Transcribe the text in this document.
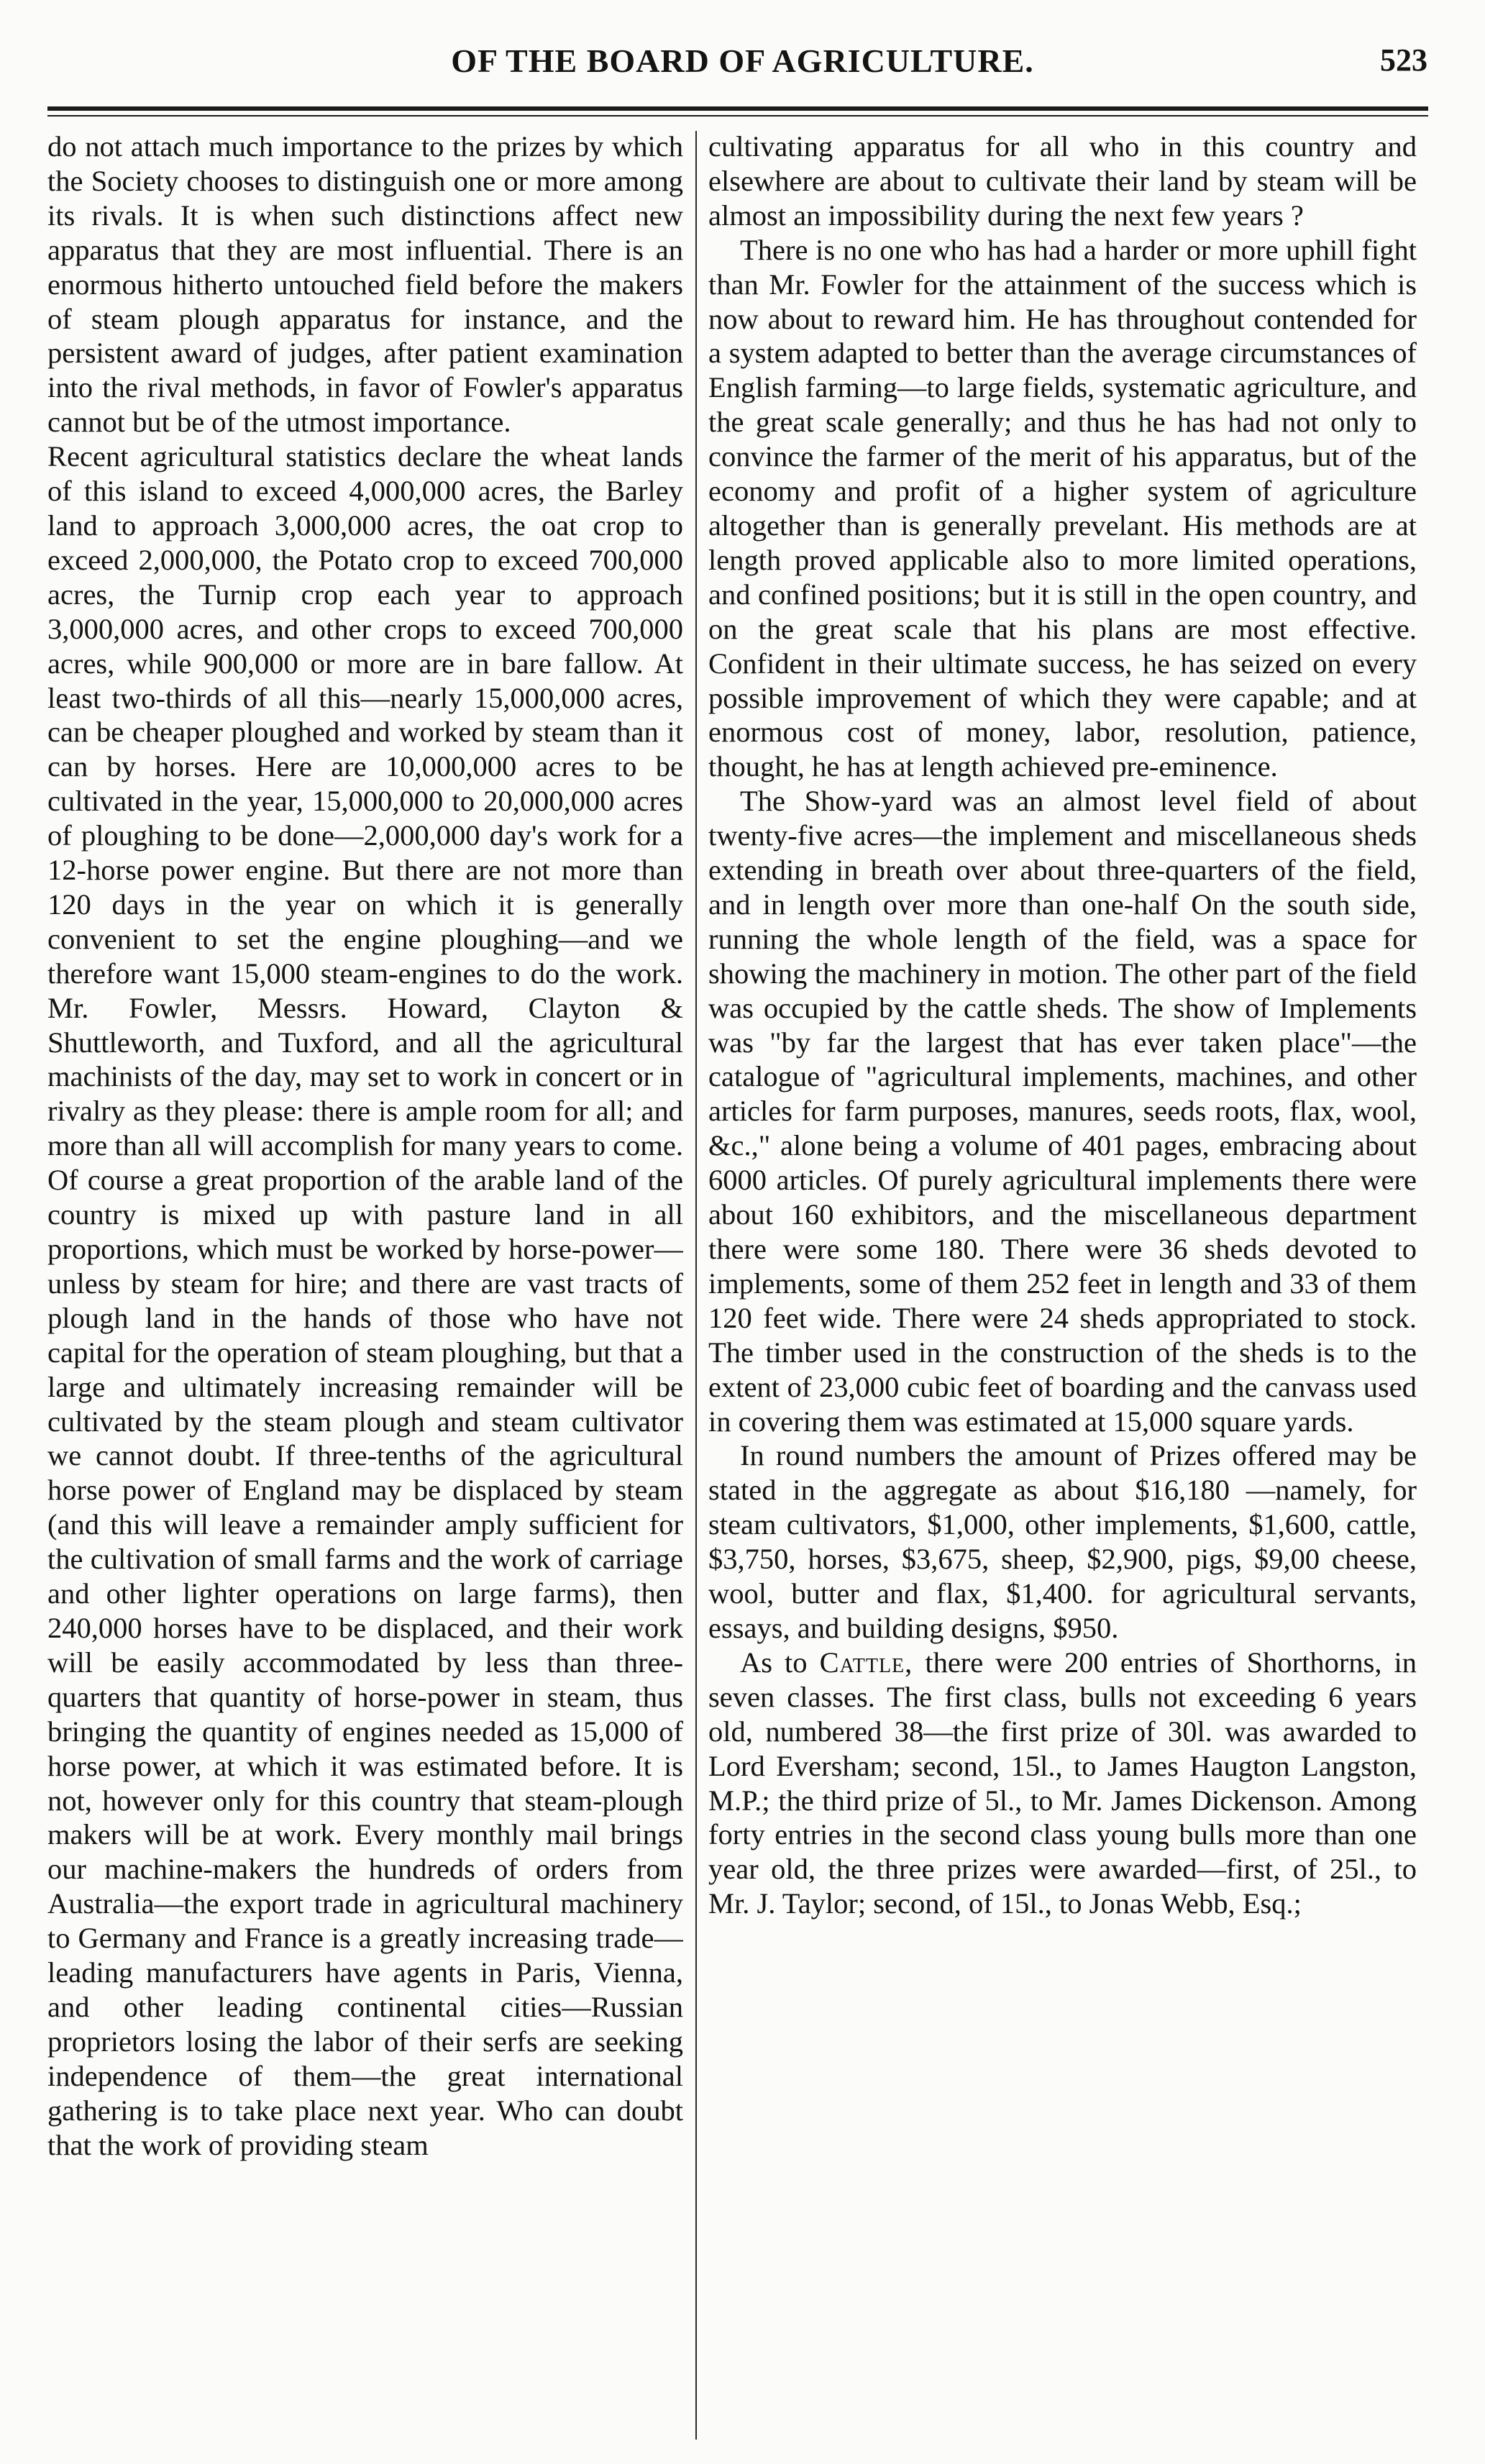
OF THE BOARD OF AGRICULTURE.	523

do not attach much importance to the prizes by which the Society chooses to distinguish one or more among its rivals. It is when such distinctions affect new apparatus that they are most influential. There is an enormous hitherto untouched field before the makers of steam plough apparatus for instance, and the persistent award of judges, after patient examination into the rival methods, in favor of Fowler's apparatus cannot but be of the utmost importance.

Recent agricultural statistics declare the wheat lands of this island to exceed 4,000,000 acres, the Barley land to approach 3,000,000 acres, the oat crop to exceed 2,000,000, the Potato crop to exceed 700,000 acres, the Turnip crop each year to approach 3,000,000 acres, and other crops to exceed 700,000 acres, while 900,000 or more are in bare fallow. At least two-thirds of all this—nearly 15,000,000 acres, can be cheaper ploughed and worked by steam than it can by horses. Here are 10,000,000 acres to be cultivated in the year, 15,000,000 to 20,000,000 acres of ploughing to be done—2,000,000 day's work for a 12-horse power engine. But there are not more than 120 days in the year on which it is generally convenient to set the engine ploughing—and we therefore want 15,000 steam-engines to do the work. Mr. Fowler, Messrs. Howard, Clayton & Shuttleworth, and Tuxford, and all the agricultural machinists of the day, may set to work in concert or in rivalry as they please: there is ample room for all; and more than all will accomplish for many years to come. Of course a great proportion of the arable land of the country is mixed up with pasture land in all proportions, which must be worked by horse-power—unless by steam for hire; and there are vast tracts of plough land in the hands of those who have not capital for the operation of steam ploughing, but that a large and ultimately increasing remainder will be cultivated by the steam plough and steam cultivator we cannot doubt. If three-tenths of the agricultural horse power of England may be displaced by steam (and this will leave a remainder amply sufficient for the cultivation of small farms and the work of carriage and other lighter operations on large farms), then 240,000 horses have to be displaced, and their work will be easily accommodated by less than three-quarters that quantity of horse-power in steam, thus bringing the quantity of engines needed as 15,000 of horse power, at which it was estimated before. It is not, however only for this country that steam-plough makers will be at work. Every monthly mail brings our machine-makers the hundreds of orders from Australia—the export trade in agricultural machinery to Germany and France is a greatly increasing trade—leading manufacturers have agents in Paris, Vienna, and other leading continental cities—Russian proprietors losing the labor of their serfs are seeking independence of them—the great international gathering is to take place next year. Who can doubt that the work of providing steam

cultivating apparatus for all who in this country and elsewhere are about to cultivate their land by steam will be almost an impossibility during the next few years ?

There is no one who has had a harder or more uphill fight than Mr. Fowler for the attainment of the success which is now about to reward him. He has throughout contended for a system adapted to better than the average circumstances of English farming—to large fields, systematic agriculture, and the great scale generally; and thus he has had not only to convince the farmer of the merit of his apparatus, but of the economy and profit of a higher system of agriculture altogether than is generally prevelant. His methods are at length proved applicable also to more limited operations, and confined positions; but it is still in the open country, and on the great scale that his plans are most effective. Confident in their ultimate success, he has seized on every possible improvement of which they were capable; and at enormous cost of money, labor, resolution, patience, thought, he has at length achieved pre-eminence.

The Show-yard was an almost level field of about twenty-five acres—the implement and miscellaneous sheds extending in breath over about three-quarters of the field, and in length over more than one-half On the south side, running the whole length of the field, was a space for showing the machinery in motion. The other part of the field was occupied by the cattle sheds. The show of Implements was "by far the largest that has ever taken place"—the catalogue of "agricultural implements, machines, and other articles for farm purposes, manures, seeds roots, flax, wool, &c.," alone being a volume of 401 pages, embracing about 6000 articles. Of purely agricultural implements there were about 160 exhibitors, and the miscellaneous department there were some 180. There were 36 sheds devoted to implements, some of them 252 feet in length and 33 of them 120 feet wide. There were 24 sheds appropriated to stock. The timber used in the construction of the sheds is to the extent of 23,000 cubic feet of boarding and the canvass used in covering them was estimated at 15,000 square yards.

In round numbers the amount of Prizes offered may be stated in the aggregate as about $16,180 —namely, for steam cultivators, $1,000, other implements, $1,600, cattle, $3,750, horses, $3,675, sheep, $2,900, pigs, $9,00 cheese, wool, butter and flax, $1,400. for agricultural servants, essays, and building designs, $950.

As to Cattle, there were 200 entries of Shorthorns, in seven classes. The first class, bulls not exceeding 6 years old, numbered 38—the first prize of 30l. was awarded to Lord Eversham; second, 15l., to James Haugton Langston, M.P.; the third prize of 5l., to Mr. James Dickenson. Among forty entries in the second class young bulls more than one year old, the three prizes were awarded—first, of 25l., to Mr. J. Taylor; second, of 15l., to Jonas Webb, Esq.;
